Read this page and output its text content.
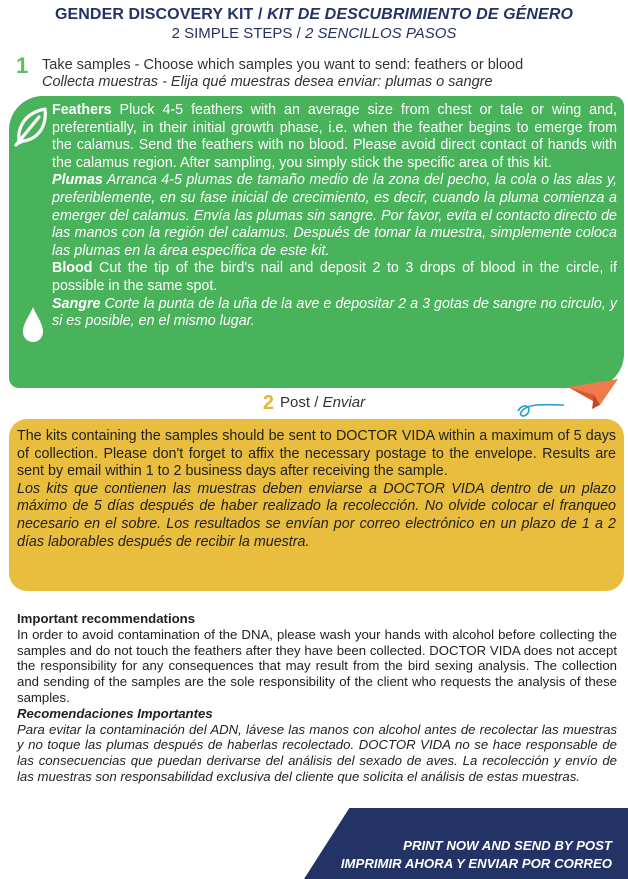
GENDER DISCOVERY KIT / KIT DE DESCUBRIMIENTO DE GÉNERO
2 SIMPLE STEPS / 2 SENCILLOS PASOS
1 Take samples - Choose which samples you want to send: feathers or blood
Collecta muestras - Elija qué muestras desea enviar: plumas o sangre

Feathers Pluck 4-5 feathers with an average size from chest or tale or wing and, preferentially, in their initial growth phase, i.e. when the feather begins to emerge from the calamus. Send the feathers with no blood. Please avoid direct contact of hands with the calamus region. After sampling, you simply stick the specific area of this kit.

Plumas Arranca 4-5 plumas de tamaño medio de la zona del pecho, la cola o las alas y, preferiblemente, en su fase inicial de crecimiento, es decir, cuando la pluma comienza a emerger del calamus. Envía las plumas sin sangre. Por favor, evita el contacto directo de las manos con la región del calamus. Después de tomar la muestra, simplemente coloca las plumas en la área específica de este kit.

Blood Cut the tip of the bird's nail and deposit 2 to 3 drops of blood in the circle, if possible in the same spot.

Sangre Corte la punta de la uña de la ave e depositar 2 a 3 gotas de sangre no circulo, y si es posible, en el mismo lugar.

2 Post / Enviar

The kits containing the samples should be sent to DOCTOR VIDA within a maximum of 5 days of collection. Please don't forget to affix the necessary postage to the envelope. Results are sent by email within 1 to 2 business days after receiving the sample.

Los kits que contienen las muestras deben enviarse a DOCTOR VIDA dentro de un plazo máximo de 5 días después de haber realizado la recolección. No olvide colocar el franqueo necesario en el sobre. Los resultados se envían por correo electrónico en un plazo de 1 a 2 días laborables después de recibir la muestra.

Important recommendations

In order to avoid contamination of the DNA, please wash your hands with alcohol before collecting the samples and do not touch the feathers after they have been collected. DOCTOR VIDA does not accept the responsibility for any consequences that may result from the bird sexing analysis. The collection and sending of the samples are the sole responsibility of the client who requests the analysis of these samples.

Recomendaciones Importantes

Para evitar la contaminación del ADN, lávese las manos con alcohol antes de recolectar las muestras y no toque las plumas después de haberlas recolectado. DOCTOR VIDA no se hace responsable de las consecuencias que puedan derivarse del análisis del sexado de aves. La recolección y envío de las muestras son responsabilidad exclusiva del cliente que solicita el análisis de estas muestras.

PRINT NOW AND SEND BY POST
IMPRIMIR AHORA Y ENVIAR POR CORREO
